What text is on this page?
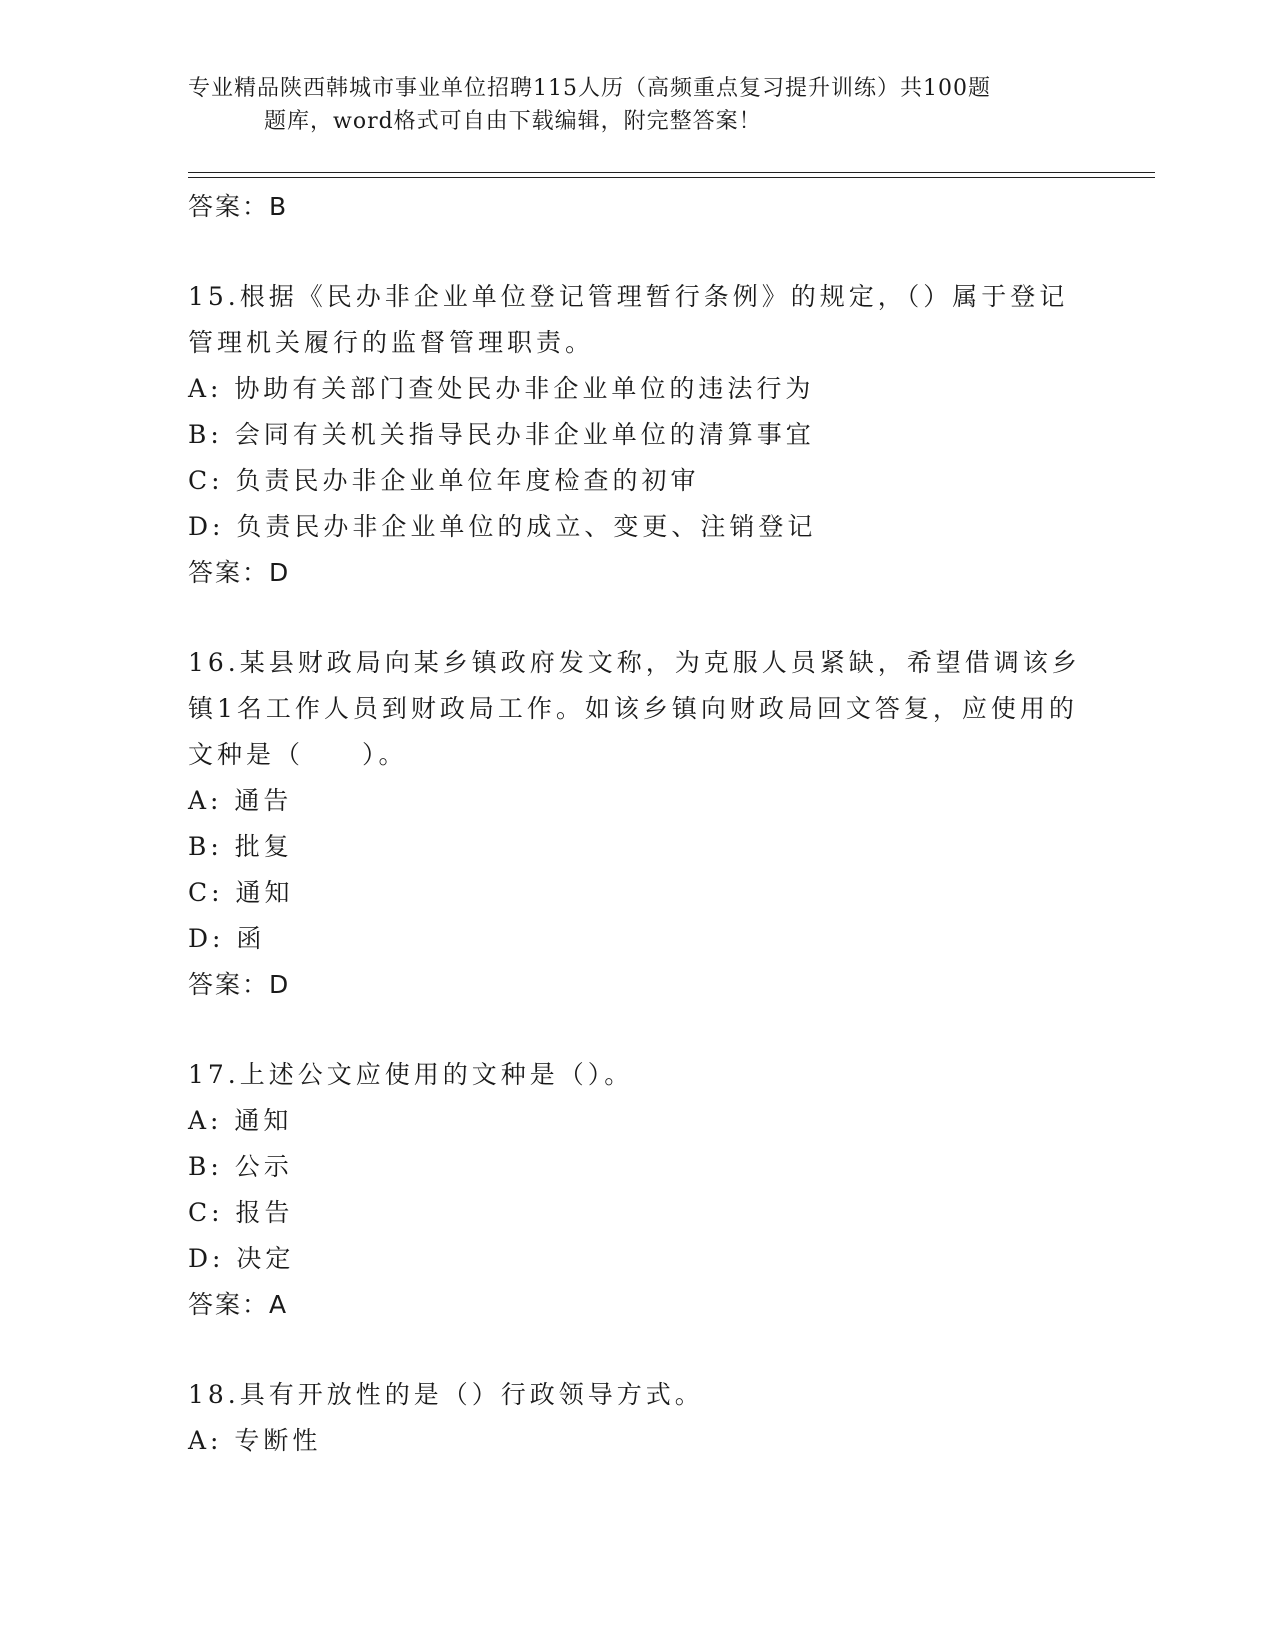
专业精品陕西韩城市事业单位招聘115人历（高频重点复习提升训练）共100题
题库，word格式可自由下载编辑，附完整答案！
答案：B
15.根据《民办非企业单位登记管理暂行条例》的规定，（）属于登记管理机关履行的监督管理职责。
A: 协助有关部门查处民办非企业单位的违法行为
B: 会同有关机关指导民办非企业单位的清算事宜
C: 负责民办非企业单位年度检查的初审
D: 负责民办非企业单位的成立、变更、注销登记
答案：D
16.某县财政局向某乡镇政府发文称，为克服人员紧缺，希望借调该乡镇1名工作人员到财政局工作。如该乡镇向财政局回文答复，应使用的文种是（　　）。
A: 通告
B: 批复
C: 通知
D: 函
答案：D
17.上述公文应使用的文种是（）。
A: 通知
B: 公示
C: 报告
D: 决定
答案：A
18.具有开放性的是（）行政领导方式。
A: 专断性
